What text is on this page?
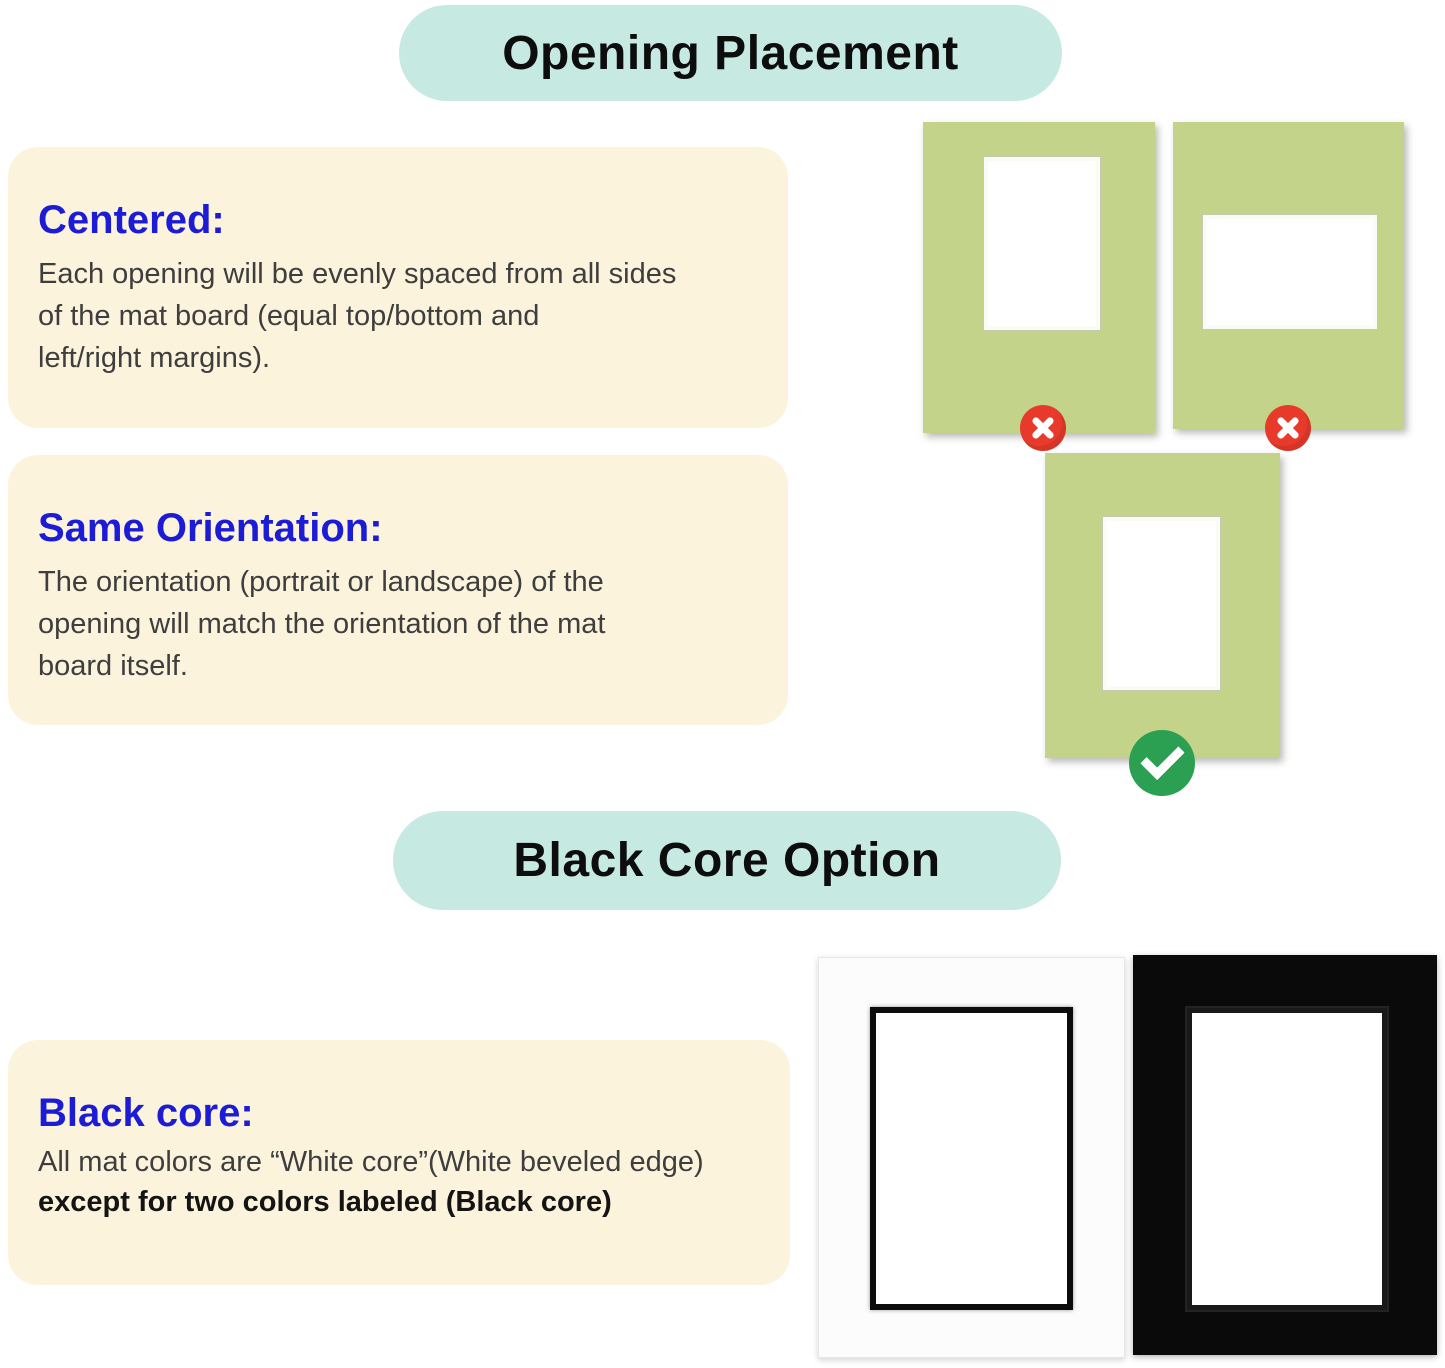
Opening Placement
Centered:
Each opening will be evenly spaced from all sides
of the mat board (equal top/bottom and
left/right margins).
Same Orientation:
The orientation (portrait or landscape) of the
opening will match the orientation of the mat
board itself.
Black Core Option
Black core:
All mat colors are “White core”(White beveled edge)
except for two colors labeled (Black core)
